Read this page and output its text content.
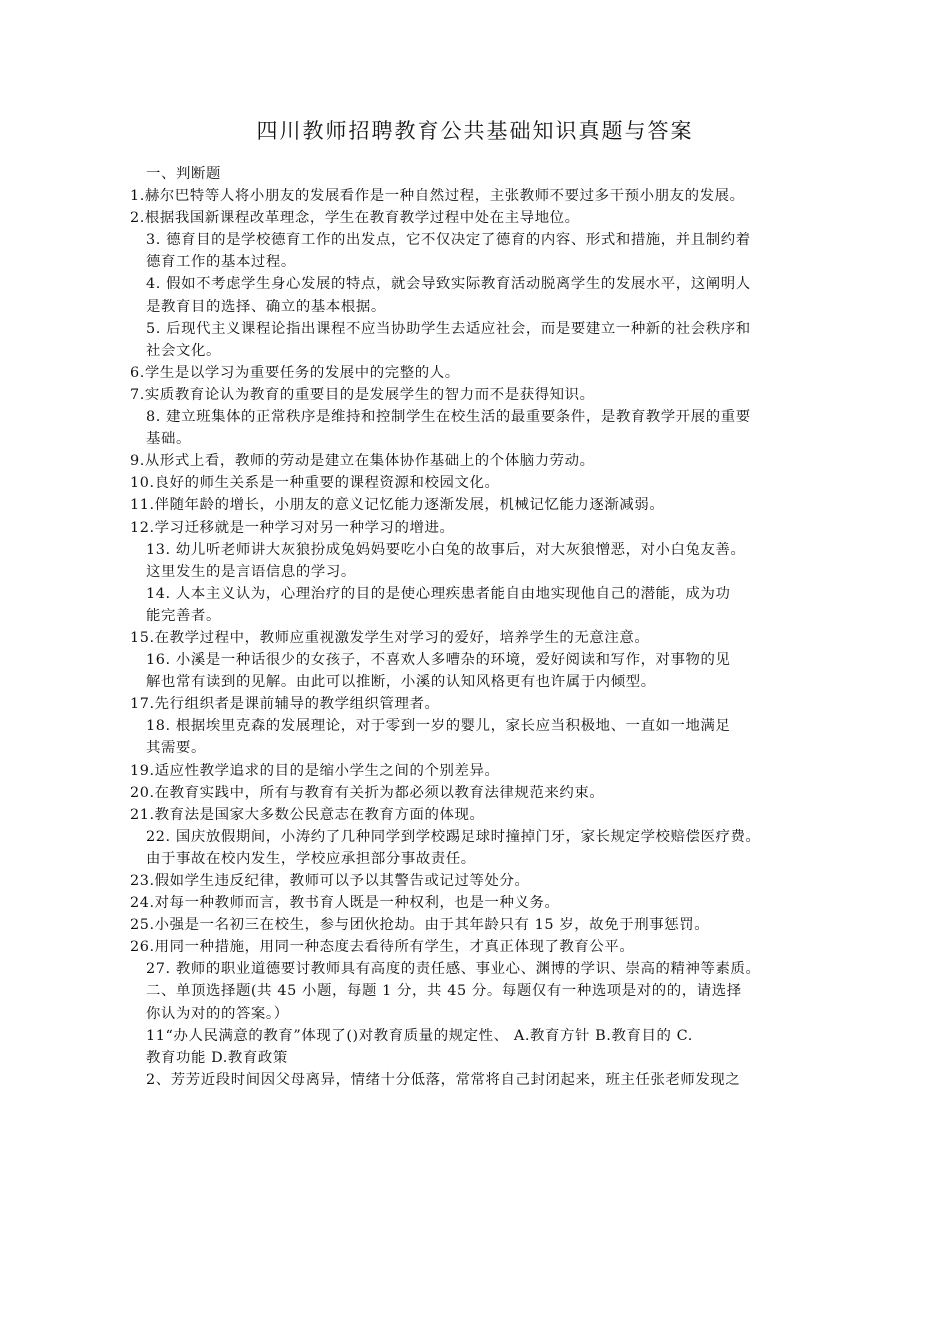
四川教师招聘教育公共基础知识真题与答案
一、判断题
1.赫尔巴特等人将小朋友的发展看作是一种自然过程，主张教师不要过多干预小朋友的发展。
2.根据我国新课程改革理念，学生在教育教学过程中处在主导地位。
3. 德育目的是学校德育工作的出发点，它不仅决定了德育的内容、形式和措施，并且制约着
德育工作的基本过程。
4. 假如不考虑学生身心发展的特点，就会导致实际教育活动脱离学生的发展水平，这阐明人
是教育目的选择、确立的基本根据。
5. 后现代主义课程论指出课程不应当协助学生去适应社会，而是要建立一种新的社会秩序和
社会文化。
6.学生是以学习为重要任务的发展中的完整的人。
7.实质教育论认为教育的重要目的是发展学生的智力而不是获得知识。
8. 建立班集体的正常秩序是维持和控制学生在校生活的最重要条件，是教育教学开展的重要
基础。
9.从形式上看，教师的劳动是建立在集体协作基础上的个体脑力劳动。
10.良好的师生关系是一种重要的课程资源和校园文化。
11.伴随年龄的增长，小朋友的意义记忆能力逐渐发展，机械记忆能力逐渐减弱。
12.学习迁移就是一种学习对另一种学习的增进。
13. 幼儿听老师讲大灰狼扮成兔妈妈要吃小白兔的故事后，对大灰狼憎恶，对小白兔友善。
这里发生的是言语信息的学习。
14. 人本主义认为，心理治疗的目的是使心理疾患者能自由地实现他自己的潜能，成为功
能完善者。
15.在教学过程中，教师应重视激发学生对学习的爱好，培养学生的无意注意。
16. 小溪是一种话很少的女孩子，不喜欢人多嘈杂的环境，爱好阅读和写作，对事物的见
解也常有读到的见解。由此可以推断，小溪的认知风格更有也许属于内倾型。
17.先行组织者是课前辅导的教学组织管理者。
18. 根据埃里克森的发展理论，对于零到一岁的婴儿，家长应当积极地、一直如一地满足
其需要。
19.适应性教学追求的目的是缩小学生之间的个别差异。
20.在教育实践中，所有与教育有关折为都必须以教育法律规范来约束。
21.教育法是国家大多数公民意志在教育方面的体现。
22. 国庆放假期间，小涛约了几种同学到学校踢足球时撞掉门牙，家长规定学校赔偿医疗费。
由于事故在校内发生，学校应承担部分事故责任。
23.假如学生违反纪律，教师可以予以其警告或记过等处分。
24.对每一种教师而言，教书育人既是一种权利，也是一种义务。
25.小强是一名初三在校生，参与团伙抢劫。由于其年龄只有 15 岁，故免于刑事惩罚。
26.用同一种措施，用同一种态度去看待所有学生，才真正体现了教育公平。
27. 教师的职业道德要讨教师具有高度的责任感、事业心、渊博的学识、崇高的精神等素质。
二、单顶选择题(共 45 小题，每题 1 分，共 45 分。每题仅有一种选项是对的的，请选择
你认为对的的答案。）
11“办人民满意的教育”体现了()对教育质量的规定性、 A.教育方针 B.教育目的 C.
教育功能 D.教育政策
2、芳芳近段时间因父母离异，情绪十分低落，常常将自己封闭起来，班主任张老师发现之
